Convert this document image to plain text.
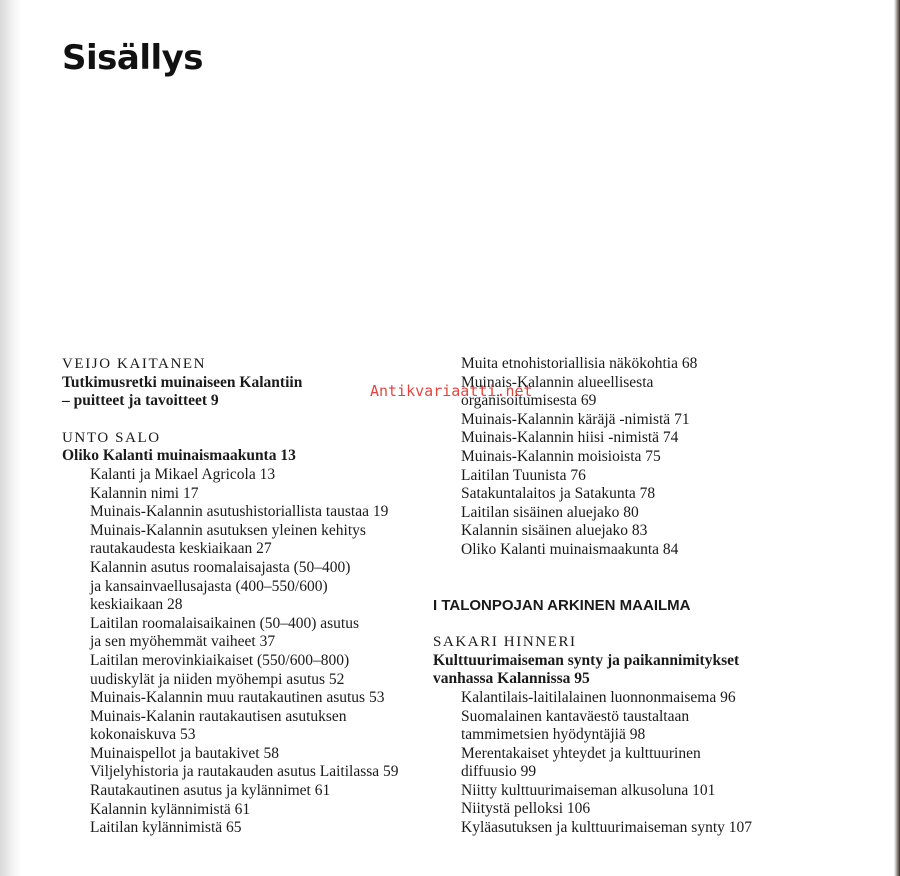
Sisällys
VEIJO KAITANEN
Tutkimusretki muinaiseen Kalantiin
– puitteet ja tavoitteet 9
UNTO SALO
Oliko Kalanti muinaismaakunta 13
Kalanti ja Mikael Agricola 13
Kalannin nimi 17
Muinais-Kalannin asutushistoriallista taustaa 19
Muinais-Kalannin asutuksen yleinen kehitys
rautakaudesta keskiaikaan 27
Kalannin asutus roomalaisajasta (50–400)
ja kansainvaellusajasta (400–550/600)
keskiaikaan 28
Laitilan roomalaisaikainen (50–400) asutus
ja sen myöhemmät vaiheet 37
Laitilan merovinkiaikaiset (550/600–800)
uudiskylät ja niiden myöhempi asutus 52
Muinais-Kalannin muu rautakautinen asutus 53
Muinais-Kalanin rautakautisen asutuksen
kokonaiskuva 53
Muinaispellot ja bautakivet 58
Viljelyhistoria ja rautakauden asutus Laitilassa 59
Rautakautinen asutus ja kylännimet 61
Kalannin kylännimistä 61
Laitilan kylännimistä 65
Muita etnohistoriallisia näkökohtia 68
Muinais-Kalannin alueellisesta
organisoitumisesta 69
Muinais-Kalannin käräjä -nimistä 71
Muinais-Kalannin hiisi -nimistä 74
Muinais-Kalannin moisioista 75
Laitilan Tuunista 76
Satakuntalaitos ja Satakunta 78
Laitilan sisäinen aluejako 80
Kalannin sisäinen aluejako 83
Oliko Kalanti muinaismaakunta 84
I TALONPOJAN ARKINEN MAAILMA
SAKARI HINNERI
Kulttuurimaiseman synty ja paikannimitykset
vanhassa Kalannissa 95
Kalantilais-laitilalainen luonnonmaisema 96
Suomalainen kantaväestö taustaltaan
tammimetsien hyödyntäjiä 98
Merentakaiset yhteydet ja kulttuurinen
diffuusio 99
Niitty kulttuurimaiseman alkusoluna 101
Niitystä pelloksi 106
Kyläasutuksen ja kulttuurimaiseman synty 107
Antikvariaatti.net
